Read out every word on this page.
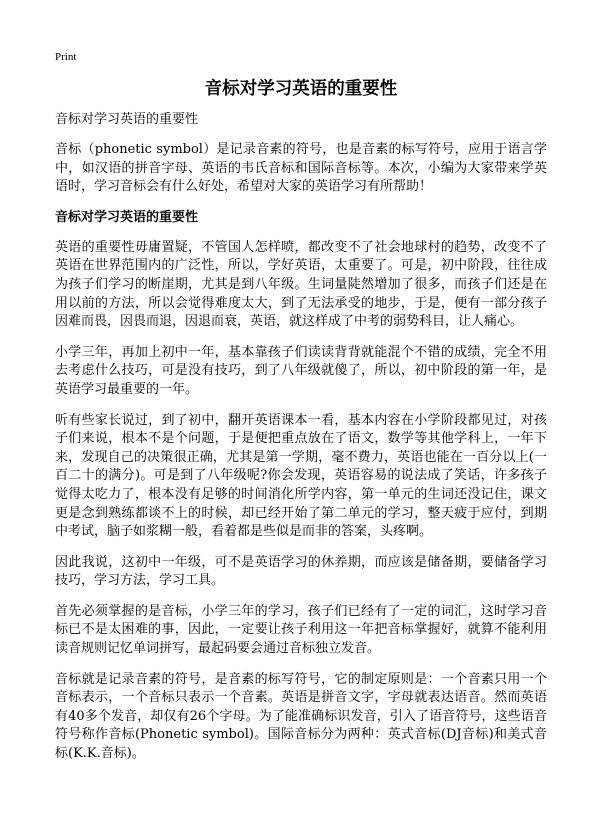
Print
音标对学习英语的重要性
音标对学习英语的重要性

音标（phonetic symbol）是记录音素的符号，也是音素的标写符号，应用于语言学中，如汉语的拼音字母、英语的韦氏音标和国际音标等。本次，小编为大家带来学英语时，学习音标会有什么好处，希望对大家的英语学习有所帮助！

音标对学习英语的重要性

英语的重要性毋庸置疑，不管国人怎样喷，都改变不了社会地球村的趋势，改变不了英语在世界范围内的广泛性，所以，学好英语，太重要了。可是，初中阶段，往往成为孩子们学习的断崖期，尤其是到八年级。生词量陡然增加了很多，而孩子们还是在用以前的方法，所以会觉得难度太大，到了无法承受的地步，于是，便有一部分孩子因难而畏，因畏而退，因退而衰，英语，就这样成了中考的弱势科目，让人痛心。

小学三年，再加上初中一年，基本靠孩子们读读背背就能混个不错的成绩，完全不用去考虑什么技巧，可是没有技巧，到了八年级就傻了，所以，初中阶段的第一年，是英语学习最重要的一年。

听有些家长说过，到了初中，翻开英语课本一看，基本内容在小学阶段都见过，对孩子们来说，根本不是个问题，于是便把重点放在了语文，数学等其他学科上，一年下来，发现自己的决策很正确，尤其是第一学期，毫不费力，英语也能在一百分以上(一百二十的满分)。可是到了八年级呢?你会发现，英语容易的说法成了笑话，许多孩子觉得太吃力了，根本没有足够的时间消化所学内容，第一单元的生词还没记住，课文更是念到熟练都谈不上的时候，却已经开始了第二单元的学习，整天疲于应付，到期中考试，脑子如浆糊一般，看着都是些似是而非的答案，头疼啊。

因此我说，这初中一年级，可不是英语学习的休养期，而应该是储备期，要储备学习技巧，学习方法，学习工具。

首先必须掌握的是音标，小学三年的学习，孩子们已经有了一定的词汇，这时学习音标已不是太困难的事，因此，一定要让孩子利用这一年把音标掌握好，就算不能利用读音规则记忆单词拼写，最起码要会通过音标独立发音。

音标就是记录音素的符号，是音素的标写符号，它的制定原则是：一个音素只用一个音标表示，一个音标只表示一个音素。英语是拼音文字，字母就表达语音。然而英语有40多个发音，却仅有26个字母。为了能准确标识发音，引入了语音符号，这些语音符号称作音标(Phonetic symbol)。国际音标分为两种：英式音标(DJ音标)和美式音标(K.K.音标)。
